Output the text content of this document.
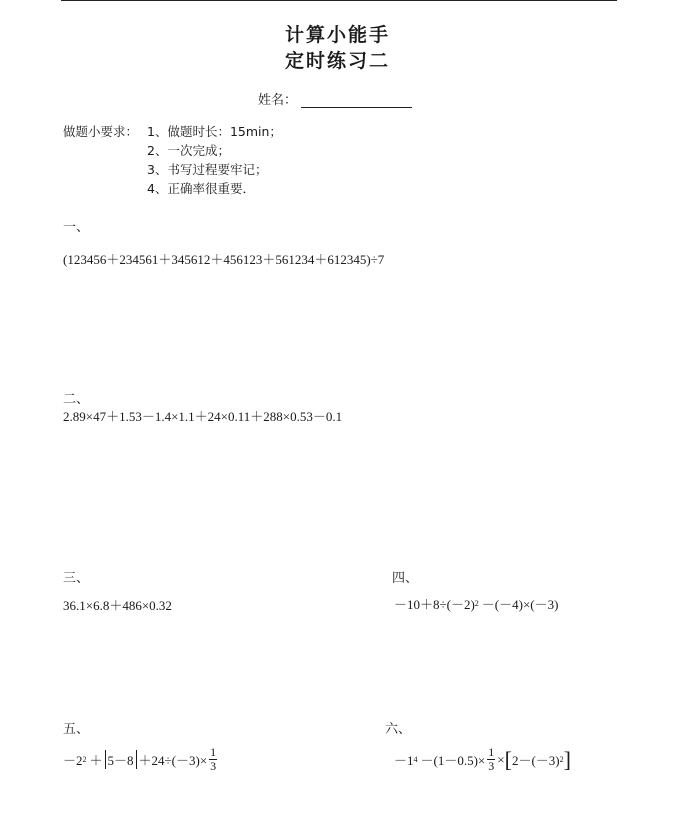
计算小能手
定时练习二
姓名：
做题小要求： 1、做题时长：15min；
2、一次完成；
3、书写过程要牢记；
4、正确率很重要．
一、
(123456＋234561＋345612＋456123＋561234＋612345)÷7
二、
2.89×47＋1.53－1.4×1.1＋24×0.11＋288×0.53－0.1
三、
36.1×6.8＋486×0.32
四、
－10＋8÷(－2) 2 －(－4)×(－3)
五、
－2 $2 + 5-8 +24\div(-3)\times \frac{1}{3}$
六、
－1 $4 -(1-0.5)\times \frac{1}{3}$ × [ 2－(－3) 2 ]
